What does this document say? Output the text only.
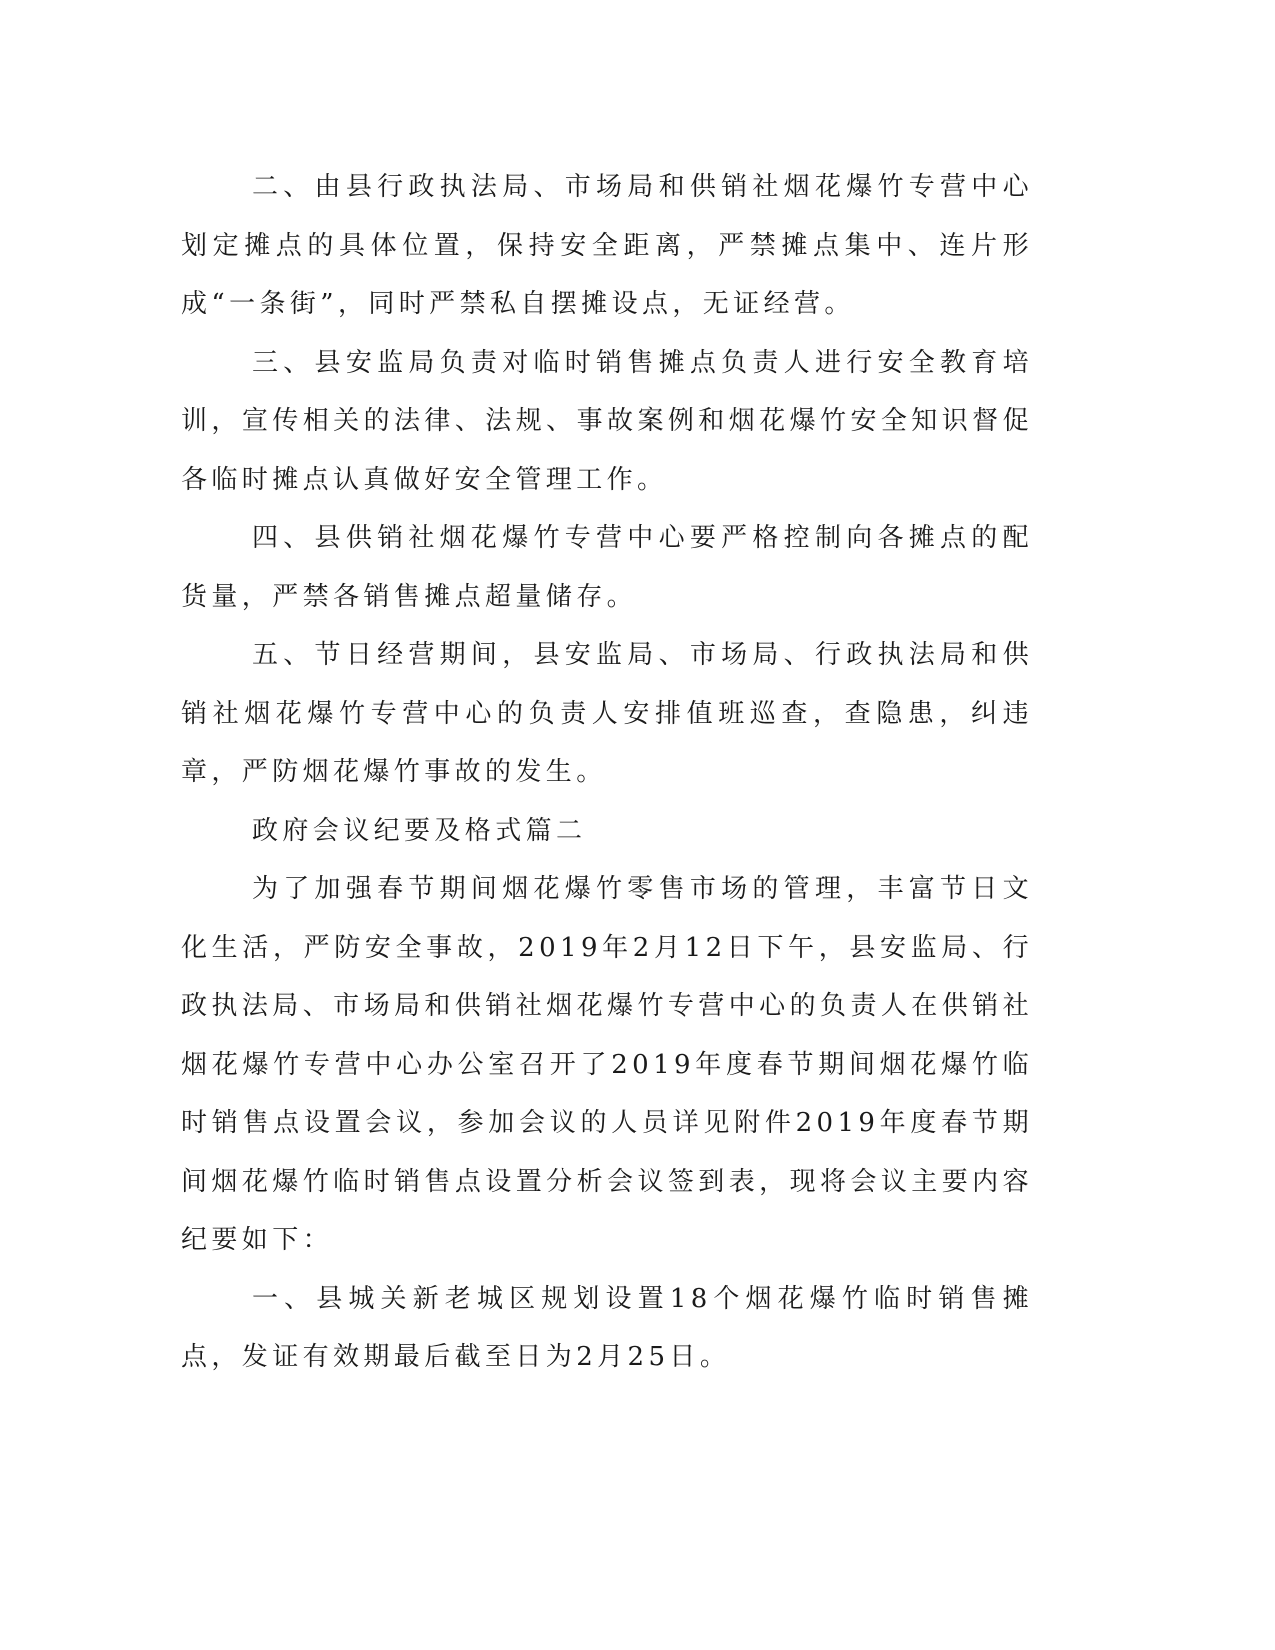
二、由县行政执法局、市场局和供销社烟花爆竹专营中心划定摊点的具体位置，保持安全距离，严禁摊点集中、连片形成“一条街”，同时严禁私自摆摊设点，无证经营。

三、县安监局负责对临时销售摊点负责人进行安全教育培训，宣传相关的法律、法规、事故案例和烟花爆竹安全知识督促各临时摊点认真做好安全管理工作。

四、县供销社烟花爆竹专营中心要严格控制向各摊点的配货量，严禁各销售摊点超量储存。

五、节日经营期间，县安监局、市场局、行政执法局和供销社烟花爆竹专营中心的负责人安排值班巡查，查隐患，纠违章，严防烟花爆竹事故的发生。

政府会议纪要及格式篇二

为了加强春节期间烟花爆竹零售市场的管理，丰富节日文化生活，严防安全事故，2019年2月12日下午，县安监局、行政执法局、市场局和供销社烟花爆竹专营中心的负责人在供销社烟花爆竹专营中心办公室召开了2019年度春节期间烟花爆竹临时销售点设置会议，参加会议的人员详见附件2019年度春节期间烟花爆竹临时销售点设置分析会议签到表，现将会议主要内容纪要如下：

一、县城关新老城区规划设置18个烟花爆竹临时销售摊点，发证有效期最后截至日为2月25日。
